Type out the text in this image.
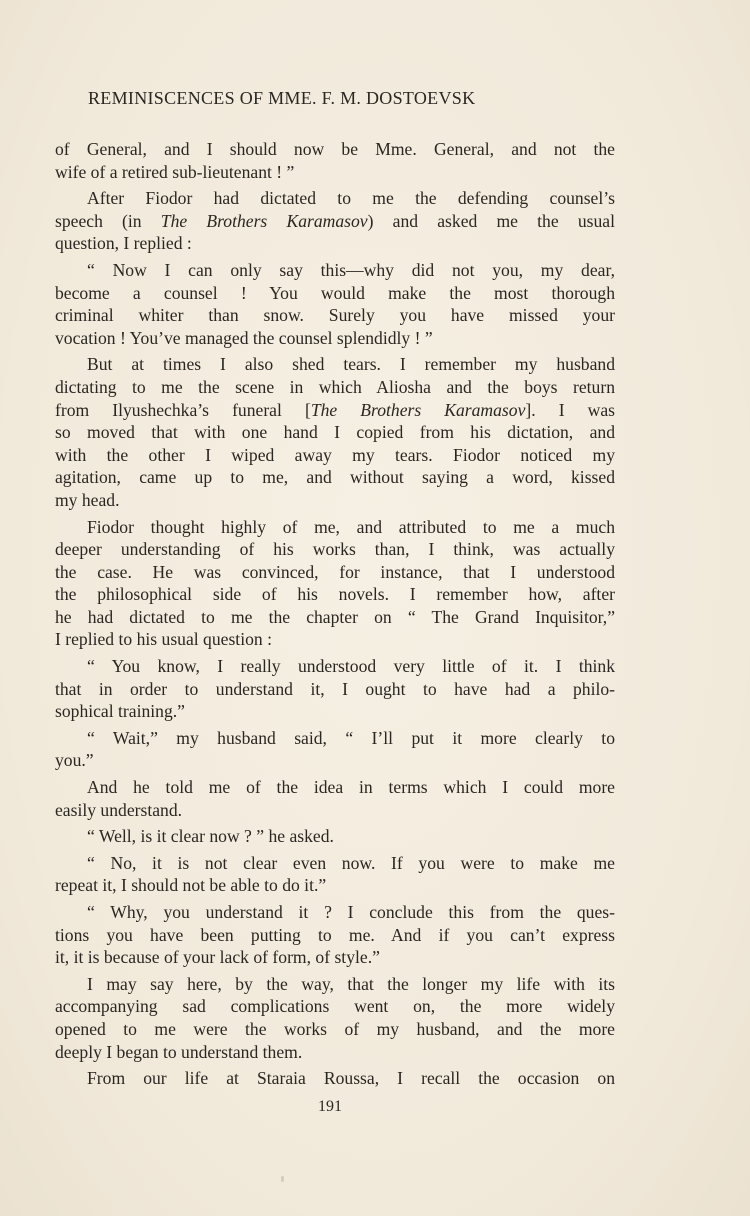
REMINISCENCES OF MME. F. M. DOSTOEVSK
of General, and I should now be Mme. General, and not the
wife of a retired sub-lieutenant ! ”
After Fiodor had dictated to me the defending counsel’s
speech (in The Brothers Karamasov) and asked me the usual
question, I replied :
“ Now I can only say this—why did not you, my dear,
become a counsel ! You would make the most thorough
criminal whiter than snow. Surely you have missed your
vocation ! You’ve managed the counsel splendidly ! ”
But at times I also shed tears. I remember my husband
dictating to me the scene in which Aliosha and the boys return
from Ilyushechka’s funeral [The Brothers Karamasov]. I was
so moved that with one hand I copied from his dictation, and
with the other I wiped away my tears. Fiodor noticed my
agitation, came up to me, and without saying a word, kissed
my head.
Fiodor thought highly of me, and attributed to me a much
deeper understanding of his works than, I think, was actually
the case. He was convinced, for instance, that I understood
the philosophical side of his novels. I remember how, after
he had dictated to me the chapter on “ The Grand Inquisitor,”
I replied to his usual question :
“ You know, I really understood very little of it. I think
that in order to understand it, I ought to have had a philo-
sophical training.”
“ Wait,” my husband said, “ I’ll put it more clearly to
you.”
And he told me of the idea in terms which I could more
easily understand.
“ Well, is it clear now ? ” he asked.
“ No, it is not clear even now. If you were to make me
repeat it, I should not be able to do it.”
“ Why, you understand it ? I conclude this from the ques-
tions you have been putting to me. And if you can’t express
it, it is because of your lack of form, of style.”
I may say here, by the way, that the longer my life with its
accompanying sad complications went on, the more widely
opened to me were the works of my husband, and the more
deeply I began to understand them.
From our life at Staraia Roussa, I recall the occasion on
191
